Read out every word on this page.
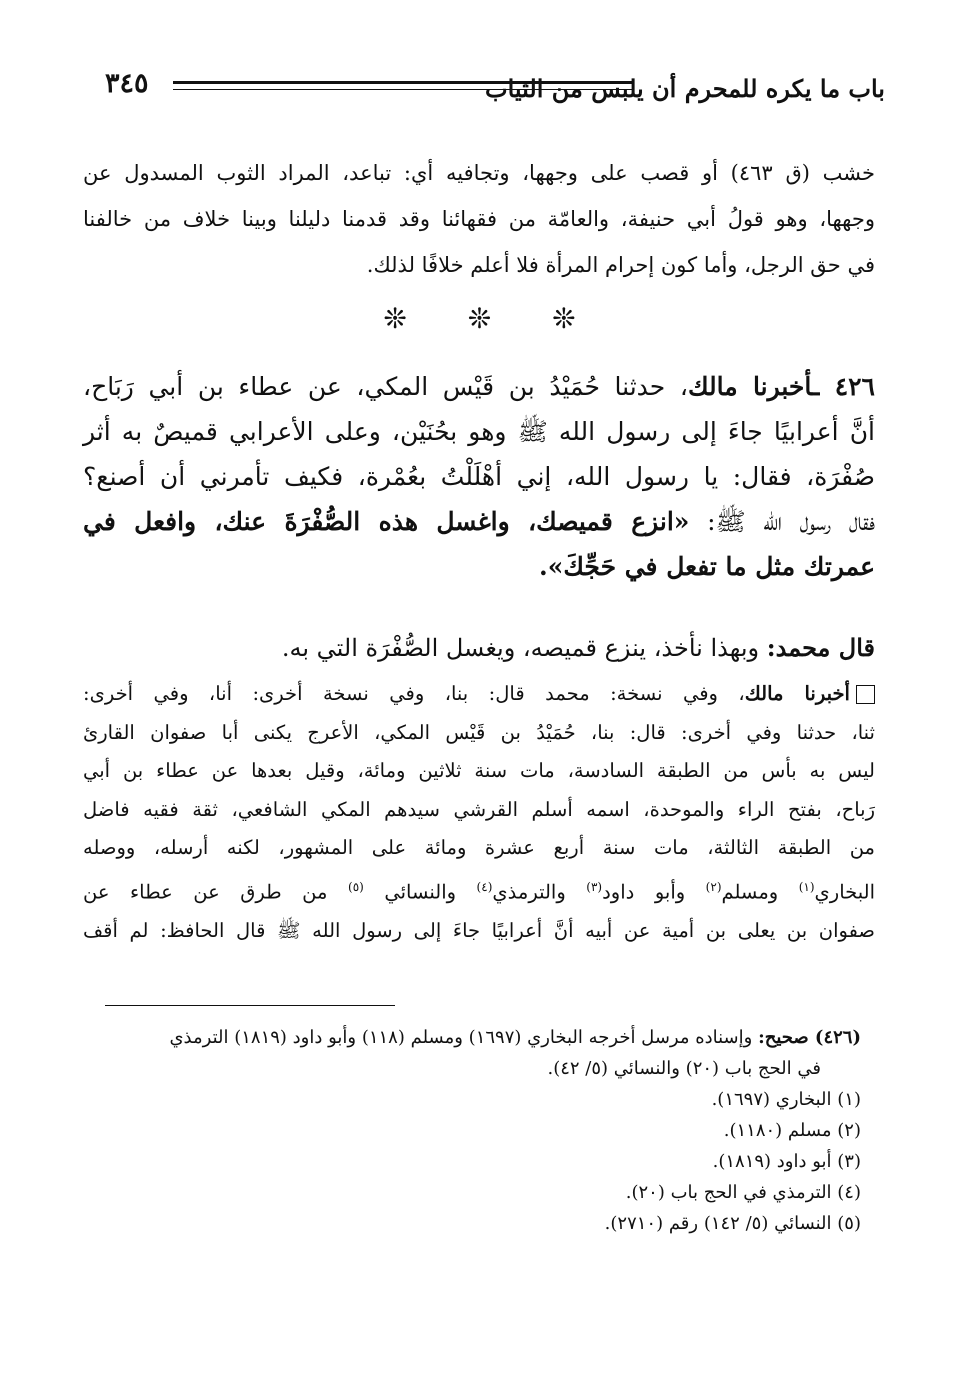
٣٤٥	باب ما يكره للمحرم أن يلبس من الثياب
خشب (ق ٤٦٣) أو قصب على وجهها، وتجافيه أي: تباعد، المراد الثوب المسدول عن
وجهها، وهو قولُ أبي حنيفة، والعامّة من فقهائنا وقد قدمنا دليلنا وبينا خلاف من خالفنا
في حق الرجل، وأما كون إحرام المرأة فلا أعلم خلافًا لذلك.
❊ ❊ ❊
٤٢٦ ـأخبرنا مالك، حدثنا حُمَيْدُ بن قَيْس المكي، عن عطاء بن أبي رَبَاح،
أنَّ أعرابيًا جاءَ إلى رسول الله ﷺ وهو بحُنَيْن، وعلى الأعرابي قميصٌ به أثر
صُفْرَة، فقال: يا رسول الله، إني أهْلَلْتُ بعُمْرة، فكيف تأمرني أن أصنع؟
فقال رسول الله ﷺ: «انزع قميصك، واغسل هذه الصُّفْرَةَ عنك، وافعل في
عمرتك مثل ما تفعل في حَجِّكَ».
قال محمد: وبهذا نأخذ، ينزع قميصه، ويغسل الصُّفْرَة التي به.
أخبرنا مالك، وفي نسخة: محمد قال: بنا، وفي نسخة أخرى: أنا، وفي أخرى:
ثنا، حدثنا وفي أخرى: قال: بنا، حُمَيْدُ بن قَيْس المكي، الأعرج يكنى أبا صفوان القارئ
ليس به بأس من الطبقة السادسة، مات سنة ثلاثين ومائة، وقيل بعدها عن عطاء بن أبي
رَباح، بفتح الراء والموحدة، اسمه أسلم القرشي سيدهم المكي الشافعي، ثقة فقيه فاضل
من الطبقة الثالثة، مات سنة أربع عشرة ومائة على المشهور، لكنه أرسله، ووصله
البخاري$^{(١)}$ ومسلم$^{(٢)}$ وأبو داود$^{(٣)}$ والترمذي$^{(٤)}$ والنسائي $^{(٥)}$ من طرق عن عطاء عن
صفوان بن يعلى بن أمية عن أبيه أنَّ أعرابيًا جاءَ إلى رسول الله ﷺ قال الحافظ: لم أقف
(٤٢٦) صحيح: وإسناده مرسل أخرجه البخاري (١٦٩٧) ومسلم (١١٨) وأبو داود (١٨١٩) الترمذي
في الحج باب (٢٠) والنسائي (٥/ ٤٢).
(١) البخاري (١٦٩٧).
(٢) مسلم (١١٨٠).
(٣) أبو داود (١٨١٩).
(٤) الترمذي في الحج باب (٢٠).
(٥) النسائي (٥/ ١٤٢) رقم (٢٧١٠).
